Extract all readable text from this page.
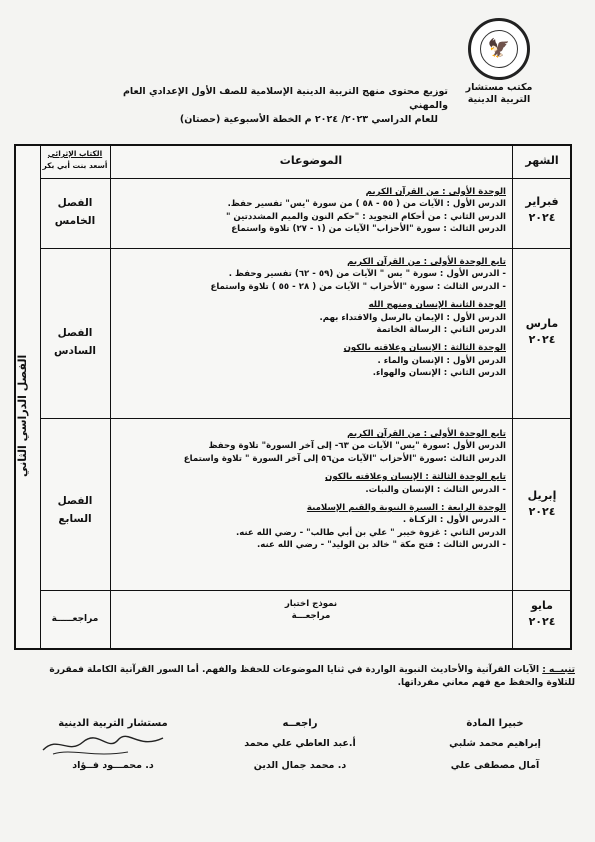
🦅
مكتب مستشار
التربية الدينية
توزيع محتوى منهج التربية الدينية الإسلامية للصف الأول الإعدادي العام والمهني
للعام الدراسي ٢٠٢٣/ ٢٠٢٤ م الخطة الأسبوعية (حصتان)
الشهر
الموضوعات
الكتاب الإثرائي
أسعد بنت أبي بكر
الفصل الدراسي الثاني
فبراير
٢٠٢٤
الفصل
الخامس
الوحدة الأولى : من القرآن الكريم
الدرس الأول : الآيات من ( ٥٥ - ٥٨ ) من سورة "يس" تفسير حفظ.
الدرس الثاني : من أحكام التجويد : "حكم النون والميم المشددتين "
الدرس الثالث : سورة "الأحزاب" الآيات من (١ - ٢٧) تلاوة واستماع
مارس
٢٠٢٤
الفصل السادس
تابع الوحدة الأولى : من القرآن الكريم
- الدرس الأول : سورة " يس " الآيات من (٥٩ - ٦٢) تفسير وحفظ .
- الدرس الثالث : سورة "الأحزاب " الآيات من ( ٢٨ - ٥٥ ) تلاوة واستماع
الوحدة الثانية الإنسان ومنهج الله
الدرس الأول : الإيمان بالرسل والاقتداء بهم.
الدرس الثاني : الرسالة الخاتمة
الوحدة الثالثة : الإنسان وعلاقته بالكون
الدرس الأول : الإنسان والماء .
الدرس الثاني : الإنسان والهواء.
إبريل
٢٠٢٤
الفصل
السابع
تابع الوحدة الأولى : من القرآن الكريم
الدرس الأول :سورة "يس" الآيات من ٦٣- إلى آخر السورة" تلاوة وحفظ
الدرس الثالث :سورة "الأحزاب "الآيات من٥٦ إلى آخر السورة " تلاوة واستماع
تابع الوحدة الثالثة : الإنسان وعلاقته بالكون
- الدرس الثالث : الإنسان والنبات.
الوحدة الرابعة : السيرة النبوية والقيم الإسلامية
- الدرس الأول : الزكـاة .
الدرس الثاني : غزوة خيبر " علي بن أبي طالب" - رضي الله عنه.
- الدرس الثالث : فتح مكة " خالد بن الوليد" - رضي الله عنه.
مايو
٢٠٢٤
مراجعـــــة
نموذج اختبار
مراجعـــة
تنبيــه : الآيات القرآنية والأحاديث النبوية الواردة في ثنايا الموضوعات للحفظ والفهم. أما السور القرآنية الكاملة فمقررة للتلاوة والحفظ مع فهم معاني مفرداتها.
خبيرا المادة
إبراهيم محمد شلبي
آمال مصطفى علي
راجعــه
أ.عبد العاطي علي محمد
د. محمد جمال الدين
مستشار التربية الدينية
د. محمـــود فــؤاد
